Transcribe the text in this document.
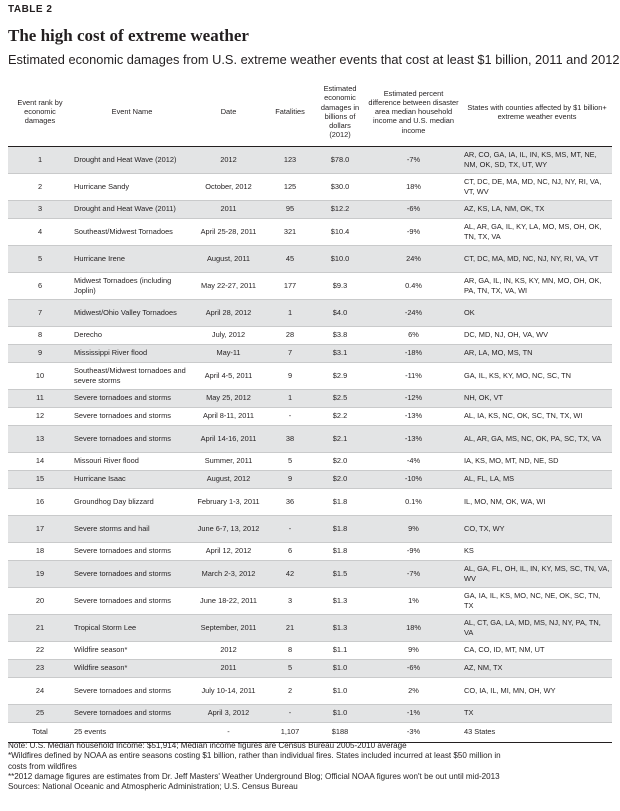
TABLE 2
The high cost of extreme weather
Estimated economic damages from U.S. extreme weather events that cost at least $1 billion, 2011 and 2012
Event rank by economic damages	Event Name	Date	Fatalities	Estimated economic damages in billions of dollars (2012)	Estimated percent difference between disaster area median household income and U.S. median income	States with counties affected by $1 billion+ extreme weather events
1	Drought and Heat Wave (2012)	2012	123	$78.0	-7%	AR, CO, GA, IA, IL, IN, KS, MS, MT, NE, NM, OK, SD, TX, UT, WY
2	Hurricane Sandy	October, 2012	125	$30.0	18%	CT, DC, DE, MA, MD, NC, NJ, NY, RI, VA, VT, WV
3	Drought and Heat Wave (2011)	2011	95	$12.2	-6%	AZ, KS, LA, NM, OK, TX
4	Southeast/Midwest Tornadoes	April 25-28, 2011	321	$10.4	-9%	AL, AR, GA, IL, KY, LA, MO, MS, OH, OK, TN, TX, VA
5	Hurricane Irene	August, 2011	45	$10.0	24%	CT, DC, MA, MD, NC, NJ, NY, RI, VA, VT
6	Midwest Tornadoes (including Joplin)	May 22-27, 2011	177	$9.3	0.4%	AR, GA, IL, IN, KS, KY, MN, MO, OH, OK, PA, TN, TX, VA, WI
7	Midwest/Ohio Valley Tornadoes	April 28, 2012	1	$4.0	-24%	OK
8	Derecho	July, 2012	28	$3.8	6%	DC, MD, NJ, OH, VA, WV
9	Mississippi River flood	May-11	7	$3.1	-18%	AR, LA, MO, MS, TN
10	Southeast/Midwest tornadoes and severe storms	April 4-5, 2011	9	$2.9	-11%	GA, IL, KS, KY, MO, NC, SC, TN
11	Severe tornadoes and storms	May 25, 2012	1	$2.5	-12%	NH, OK, VT
12	Severe tornadoes and storms	April 8-11, 2011	-	$2.2	-13%	AL, IA, KS, NC, OK, SC, TN, TX, WI
13	Severe tornadoes and storms	April 14-16, 2011	38	$2.1	-13%	AL, AR, GA, MS, NC, OK, PA, SC, TX, VA
14	Missouri River flood	Summer, 2011	5	$2.0	-4%	IA, KS, MO, MT, ND, NE, SD
15	Hurricane Isaac	August, 2012	9	$2.0	-10%	AL, FL, LA, MS
16	Groundhog Day blizzard	February 1-3, 2011	36	$1.8	0.1%	IL, MO, NM, OK, WA, WI
17	Severe storms and hail	June 6-7, 13, 2012	-	$1.8	9%	CO, TX, WY
18	Severe tornadoes and storms	April 12, 2012	6	$1.8	-9%	KS
19	Severe tornadoes and storms	March 2-3, 2012	42	$1.5	-7%	AL, GA, FL, OH, IL, IN, KY, MS, SC, TN, VA, WV
20	Severe tornadoes and storms	June 18-22, 2011	3	$1.3	1%	GA, IA, IL, KS, MO, NC, NE, OK, SC, TN, TX
21	Tropical Storm Lee	September, 2011	21	$1.3	18%	AL, CT, GA, LA, MD, MS, NJ, NY, PA, TN, VA
22	Wildfire season*	2012	8	$1.1	9%	CA, CO, ID, MT, NM, UT
23	Wildfire season*	2011	5	$1.0	-6%	AZ, NM, TX
24	Severe tornadoes and storms	July 10-14, 2011	2	$1.0	2%	CO, IA, IL, MI, MN, OH, WY
25	Severe tornadoes and storms	April 3, 2012	-	$1.0	-1%	TX
Total	25 events	-	1,107	$188	-3%	43 States
Note: U.S. Median household Income: $51,914; Median income figures are Census Bureau 2005-2010 average
*Wildfires defined by NOAA as entire seasons costing $1 billion, rather than individual fires. States included incurred at least $50 million in
costs from wildfires
**2012 damage figures are estimates from Dr. Jeff Masters' Weather Underground Blog; Official NOAA figures won't be out until mid-2013
Sources: National Oceanic and Atmospheric Administration; U.S. Census Bureau
